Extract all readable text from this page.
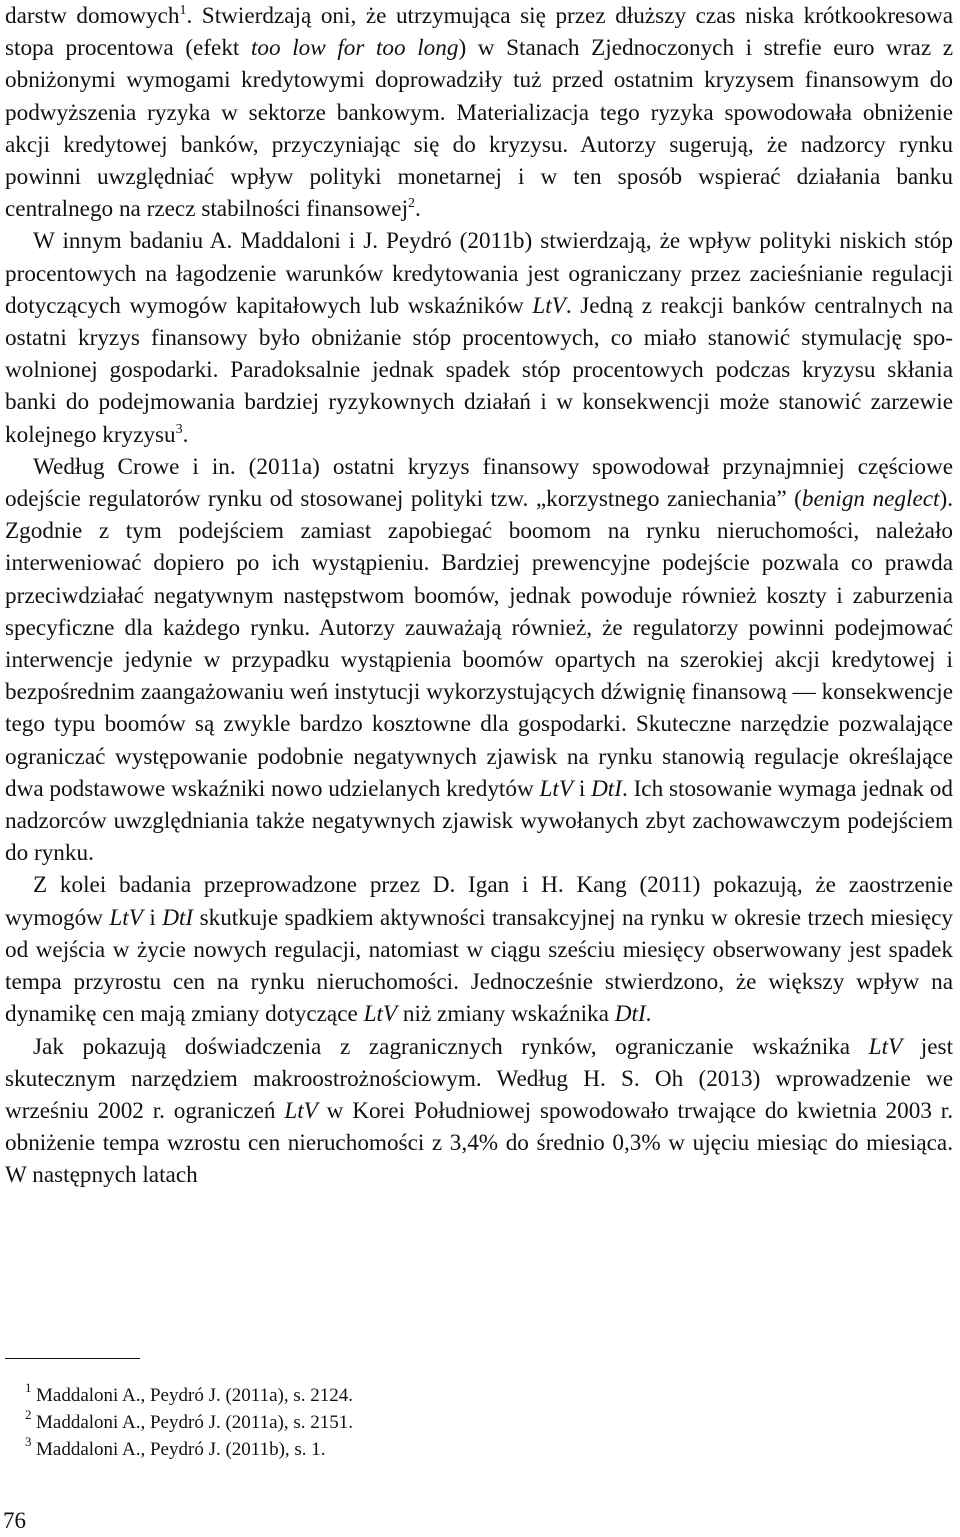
darstw domowych$^1$. Stwierdzają oni, że utrzymująca się przez dłuższy czas niska krótkookresowa stopa procentowa (efekt too low for too long) w Stanach Zjednoczonych i strefie euro wraz z obniżonymi wymogami kredytowymi doprowadziły tuż przed ostatnim kryzysem finansowym do podwyższenia ryzyka w sektorze bankowym. Materializacja tego ryzyka spowodowała obniżenie akcji kredytowej banków, przyczyniając się do kryzysu. Autorzy sugerują, że nadzorcy rynku powinni uwzględniać wpływ polityki monetarnej i w ten sposób wspierać działania banku centralnego na rzecz stabilności finansowej$^2$.

W innym badaniu A. Maddaloni i J. Peydró (2011b) stwierdzają, że wpływ polityki niskich stóp procentowych na łagodzenie warunków kredytowania jest ograniczany przez zacieśnianie regulacji dotyczących wymogów kapitałowych lub wskaźników LtV. Jedną z reakcji banków centralnych na ostatni kryzys finansowy było obniżanie stóp procentowych, co miało stanowić stymulację spowolnionej gospodarki. Paradoksalnie jednak spadek stóp procentowych podczas kryzysu skłania banki do podejmowania bardziej ryzykownych działań i w konsekwencji może stanowić zarzewie kolejnego kryzysu$^3$.

Według Crowe i in. (2011a) ostatni kryzys finansowy spowodował przynajmniej częściowe odejście regulatorów rynku od stosowanej polityki tzw. „korzystnego zaniechania” (benign neglect). Zgodnie z tym podejściem zamiast zapobiegać boomom na rynku nieruchomości, należało interweniować dopiero po ich wystąpieniu. Bardziej prewencyjne podejście pozwala co prawda przeciwdziałać negatywnym następstwom boomów, jednak powoduje również koszty i zaburzenia specyficzne dla każdego rynku. Autorzy zauważają również, że regulatorzy powinni podejmować interwencje jedynie w przypadku wystąpienia boomów opartych na szerokiej akcji kredytowej i bezpośrednim zaangażowaniu weń instytucji wykorzystujących dźwignię finansową — konsekwencje tego typu boomów są zwykle bardzo kosztowne dla gospodarki. Skuteczne narzędzie pozwalające ograniczać występowanie podobnie negatywnych zjawisk na rynku stanowią regulacje określające dwa podstawowe wskaźniki nowo udzielanych kredytów LtV i DtI. Ich stosowanie wymaga jednak od nadzorców uwzględniania także negatywnych zjawisk wywołanych zbyt zachowawczym podejściem do rynku.

Z kolei badania przeprowadzone przez D. Igan i H. Kang (2011) pokazują, że zaostrzenie wymogów LtV i DtI skutkuje spadkiem aktywności transakcyjnej na rynku w okresie trzech miesięcy od wejścia w życie nowych regulacji, natomiast w ciągu sześciu miesięcy obserwowany jest spadek tempa przyrostu cen na rynku nieruchomości. Jednocześnie stwierdzono, że większy wpływ na dynamikę cen mają zmiany dotyczące LtV niż zmiany wskaźnika DtI.

Jak pokazują doświadczenia z zagranicznych rynków, ograniczanie wskaźnika LtV jest skutecznym narzędziem makroostrożnościowym. Według H. S. Oh (2013) wprowadzenie we wrześniu 2002 r. ograniczeń LtV w Korei Południowej spowodowało trwające do kwietnia 2003 r. obniżenie tempa wzrostu cen nieruchomości z 3,4% do średnio 0,3% w ujęciu miesiąc do miesiąca. W następnych latach

1 Maddaloni A., Peydró J. (2011a), s. 2124.
2 Maddaloni A., Peydró J. (2011a), s. 2151.
3 Maddaloni A., Peydró J. (2011b), s. 1.
76
